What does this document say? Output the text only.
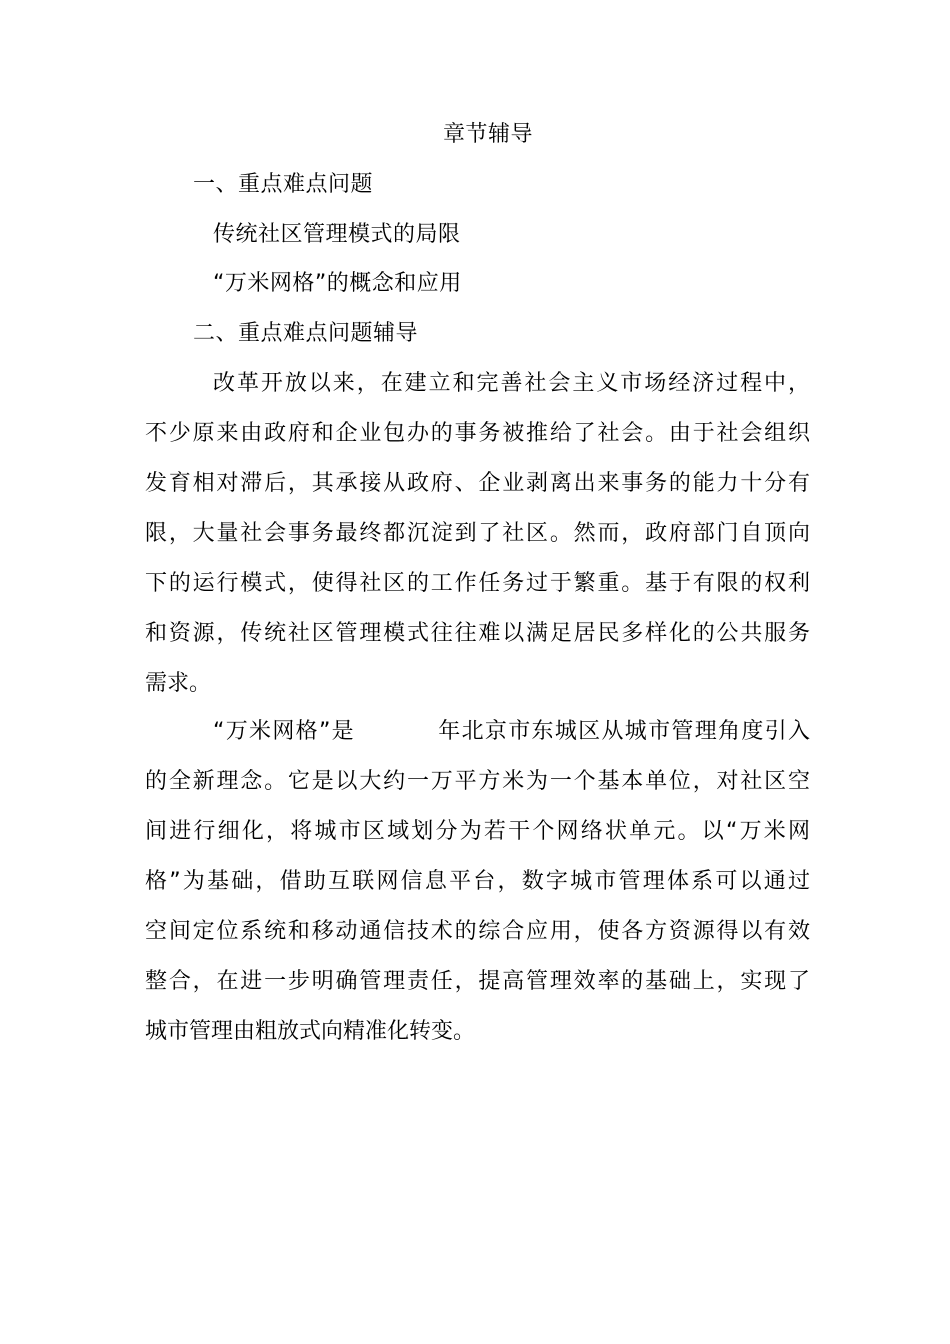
章节辅导
一、重点难点问题
传统社区管理模式的局限
“万米网格”的概念和应用
二、重点难点问题辅导
改革开放以来，在建立和完善社会主义市场经济过程中，
不少原来由政府和企业包办的事务被推给了社会。由于社会组织
发育相对滞后，其承接从政府、企业剥离出来事务的能力十分有
限，大量社会事务最终都沉淀到了社区。然而，政府部门自顶向
下的运行模式，使得社区的工作任务过于繁重。基于有限的权利
和资源，传统社区管理模式往往难以满足居民多样化的公共服务
需求。
“万米网格”是	年北京市东城区从城市管理角度引入
的全新理念。它是以大约一万平方米为一个基本单位，对社区空
间进行细化，将城市区域划分为若干个网络状单元。以“万米网
格”为基础，借助互联网信息平台，数字城市管理体系可以通过
空间定位系统和移动通信技术的综合应用，使各方资源得以有效
整合，在进一步明确管理责任，提高管理效率的基础上，实现了
城市管理由粗放式向精准化转变。
